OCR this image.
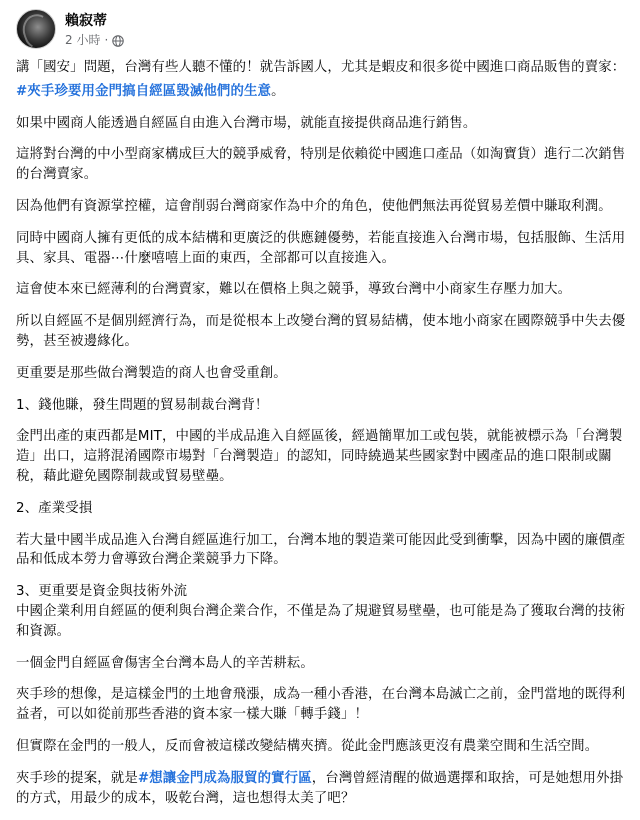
賴寂蒂
2 小時 ·

講「國安」問題，台灣有些人聽不懂的！就告訴國人，尤其是蝦皮和很多從中國進口商品販售的賣家：

#夾手珍要用金門搞自經區毀滅他們的生意。

如果中國商人能透過自經區自由進入台灣市場，就能直接提供商品進行銷售。

這將對台灣的中小型商家構成巨大的競爭威脅，特別是依賴從中國進口產品（如淘寶貨）進行二次銷售的台灣賣家。

因為他們有資源掌控權，這會削弱台灣商家作為中介的角色，使他們無法再從貿易差價中賺取利潤。

同時中國商人擁有更低的成本結構和更廣泛的供應鏈優勢，若能直接進入台灣市場，包括服飾、生活用具、家具、電器⋯什麼嘻嘻上面的東西，全部都可以直接進入。

這會使本來已經薄利的台灣賣家，難以在價格上與之競爭，導致台灣中小商家生存壓力加大。

所以自經區不是個別經濟行為，而是從根本上改變台灣的貿易結構，使本地小商家在國際競爭中失去優勢，甚至被邊緣化。

更重要是那些做台灣製造的商人也會受重創。

1、錢他賺，發生問題的貿易制裁台灣背！

金門出產的東西都是MIT，中國的半成品進入自經區後，經過簡單加工或包裝，就能被標示為「台灣製造」出口，這將混淆國際市場對「台灣製造」的認知，同時繞過某些國家對中國產品的進口限制或關稅，藉此避免國際制裁或貿易壁壘。

2、產業受損

若大量中國半成品進入台灣自經區進行加工，台灣本地的製造業可能因此受到衝擊，因為中國的廉價產品和低成本勞力會導致台灣企業競爭力下降。

3、更重要是資金與技術外流

中國企業利用自經區的便利與台灣企業合作，不僅是為了規避貿易壁壘，也可能是為了獲取台灣的技術和資源。

一個金門自經區會傷害全台灣本島人的辛苦耕耘。

夾手珍的想像，是這樣金門的土地會飛漲，成為一種小香港，在台灣本島滅亡之前，金門當地的既得利益者，可以如從前那些香港的資本家一樣大賺「轉手錢」！

但實際在金門的一般人，反而會被這樣改變結構夾擠。從此金門應該更沒有農業空間和生活空間。

夾手珍的提案，就是#想讓金門成為服貿的實行區，台灣曾經清醒的做過選擇和取捨，可是她想用外掛的方式，用最少的成本，吸乾台灣，這也想得太美了吧？
